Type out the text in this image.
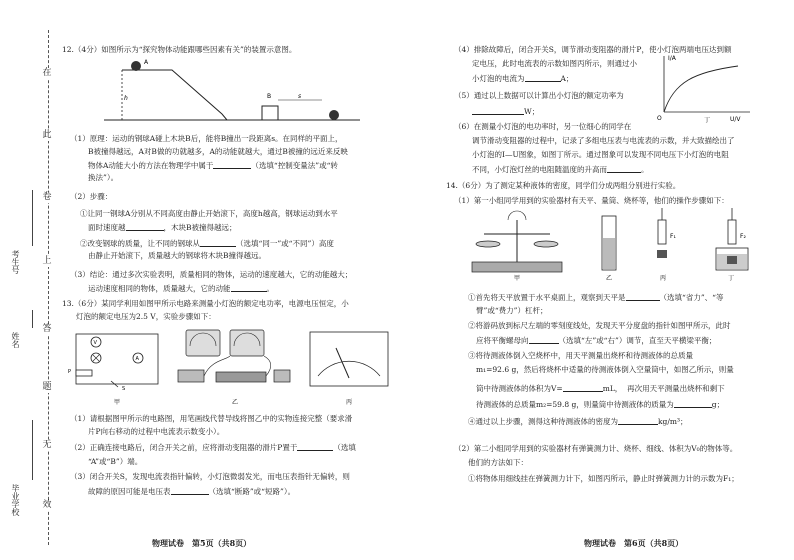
在
此
卷
上
答
题
无
效
考生号
姓名
毕业学校
12.（4分）如图所示为“探究物体动能跟哪些因素有关”的装置示意图。
A
h	B	s
（1）原理：运动的钢球A碰上木块B后，能将B撞出一段距离s。在同样的平面上，
B被撞得越远，A对B做的功就越多，A的动能就越大，通过B被撞的远近来反映
物体A动能大小的方法在物理学中属于	（选填“控制变量法”或“转
换法”）。
（2）步骤：
①让同一钢球A分别从不同高度由静止开始滚下，高度h越高，钢球运动到水平
面时速度越	，木块B被撞得越远；
②改变钢球的质量，让不同的钢球从	（选填“同一”或“不同”）高度
由静止开始滚下，质量越大的钢球将木块B撞得越远。
（3）结论：通过多次实验表明，质量相同的物体，运动的速度越大，它的动能越大；
运动速度相同的物体，质量越大，它的动能	。
13.（6分）某同学利用如图甲所示电路来测量小灯泡的额定电功率，电源电压恒定，小
灯泡的额定电压为2.5 V，实验步骤如下：
V
A
P
S
甲	乙	丙
（1）请根据图甲所示的电路图，用笔画线代替导线将图乙中的实物连接完整（要求滑
片P向右移动的过程中电流表示数变小）。
（2）正确连接电路后，闭合开关之前，应将滑动变阻器的滑片P置于	（选填
“A”或“B”）端。
（3）闭合开关S，发现电流表指针偏转，小灯泡微弱发光，而电压表指针无偏转，则
故障的原因可能是电压表	（选填“断路”或“短路”）。
物理试卷　第5页（共8页）
（4）排除故障后，闭合开关S，调节滑动变阻器的滑片P，使小灯泡两端电压达到额
定电压，此时电流表的示数如图丙所示，则通过小
小灯泡的电流为	A；
（5）通过以上数据可以计算出小灯泡的额定功率为
W；
（6）在测量小灯泡的电功率时，另一位细心的同学在
调节滑动变阻器的过程中，记录了多组电压表与电流表的示数，并大致描绘出了
小灯泡的I—U图象，如图丁所示。通过图象可以发现不同电压下小灯泡的电阻
不同，小灯泡灯丝的电阻随温度的升高而	。
I/A
U/V
O	丁
14.（6分）为了测定某种液体的密度，同学们分成两组分别进行实验。
（1）第一小组同学用到的实验器材有天平、量筒、烧杯等，他们的操作步骤如下：
甲	乙
F₁
丙
F₂
丁
①首先将天平放置于水平桌面上，观察到天平是	（选填“省力”、“等
臂”或“费力”）杠杆；
②将游码放到标尺左端的零刻度线处，发现天平分度盘的指针如图甲所示，此时
应将平衡螺母向	（选填“左”或“右”）调节，直至天平横梁平衡；
③将待测液体倒入空烧杯中，用天平测量出烧杯和待测液体的总质量
m₁=92.6 g，然后将烧杯中适量的待测液体倒入空量筒中，如图乙所示，则量
筒中待测液体的体积为V=	mL， 再次用天平测量出烧杯和剩下
待测液体的总质量m₂=59.8 g，则量筒中待测液体的质量为	g；
④通过以上步骤，测得这种待测液体的密度为	kg/m³；
（2）第二小组同学用到的实验器材有弹簧测力计、烧杯、细线、体积为V₀的物体等。
他们的方法如下：
①将物体用细线挂在弹簧测力计下，如图丙所示，静止时弹簧测力计的示数为F₁；
物理试卷　第6页（共8页）
